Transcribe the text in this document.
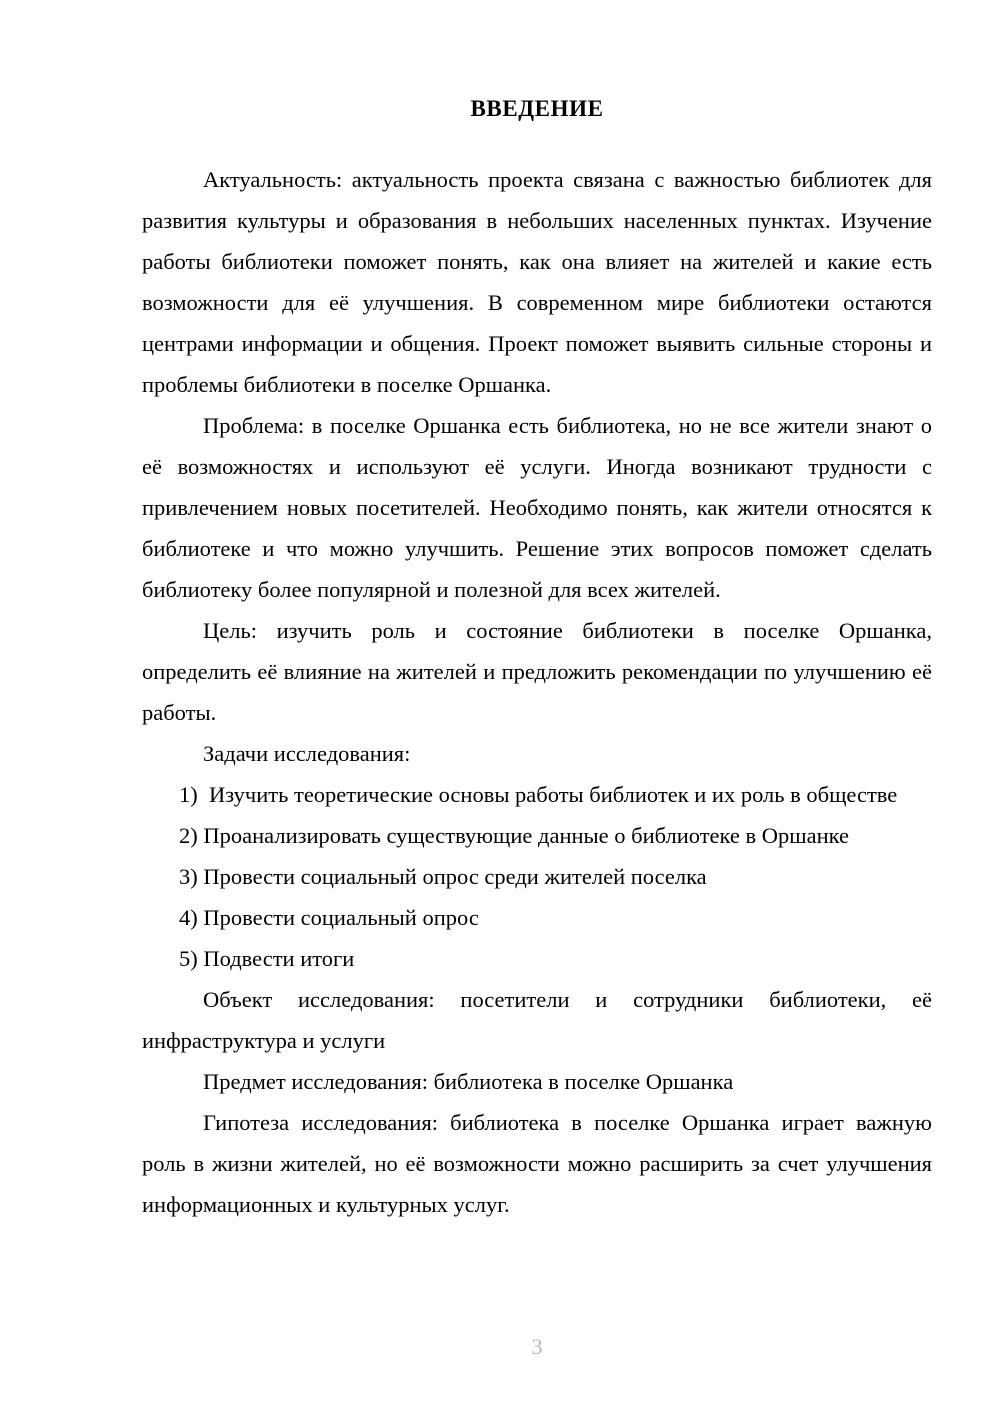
ВВЕДЕНИЕ

Актуальность: актуальность проекта связана с важностью библиотек для развития культуры и образования в небольших населенных пунктах. Изучение работы библиотеки поможет понять, как она влияет на жителей и какие есть возможности для её улучшения. В современном мире библиотеки остаются центрами информации и общения. Проект поможет выявить сильные стороны и проблемы библиотеки в поселке Оршанка.

Проблема: в поселке Оршанка есть библиотека, но не все жители знают о её возможностях и используют её услуги. Иногда возникают трудности с привлечением новых посетителей. Необходимо понять, как жители относятся к библиотеке и что можно улучшить. Решение этих вопросов поможет сделать библиотеку более популярной и полезной для всех жителей.

Цель: изучить роль и состояние библиотеки в поселке Оршанка, определить её влияние на жителей и предложить рекомендации по улучшению её работы.

Задачи исследования:

1) Изучить теоретические основы работы библиотек и их роль в обществе

2) Проанализировать существующие данные о библиотеке в Оршанке

3) Провести социальный опрос среди жителей поселка

4) Провести социальный опрос

5) Подвести итоги

Объект исследования: посетители и сотрудники библиотеки, её инфраструктура и услуги

Предмет исследования: библиотека в поселке Оршанка

Гипотеза исследования: библиотека в поселке Оршанка играет важную роль в жизни жителей, но её возможности можно расширить за счет улучшения информационных и культурных услуг.

3
